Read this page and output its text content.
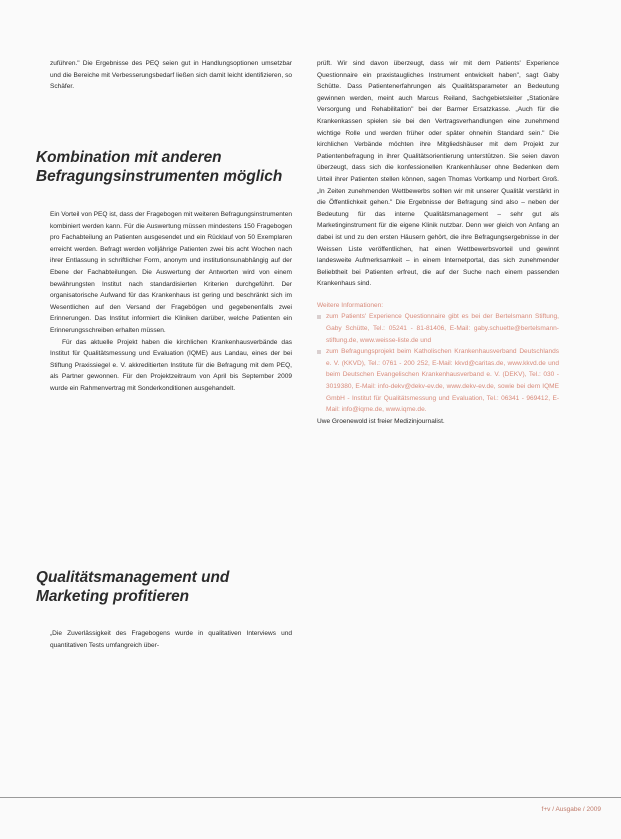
zuführen." Die Ergebnisse des PEQ seien gut in Handlungsoptionen umsetzbar und die Bereiche mit Verbesserungsbedarf ließen sich damit leicht identifizieren, so Schäfer.

Kombination mit anderen Befragungsinstrumenten möglich

Ein Vorteil von PEQ ist, dass der Fragebogen mit weiteren Befragungsinstrumenten kombiniert werden kann. Für die Auswertung müssen mindestens 150 Fragebogen pro Fachabteilung an Patienten ausgesendet und ein Rücklauf von 50 Exemplaren erreicht werden. Befragt werden volljährige Patienten zwei bis acht Wochen nach ihrer Entlassung in schriftlicher Form, anonym und institutionsunabhängig auf der Ebene der Fachabteilungen. Die Auswertung der Antworten wird von einem bewährungsten Institut nach standardisierten Kriterien durchgeführt. Der organisatorische Aufwand für das Krankenhaus ist gering und beschränkt sich im Wesentlichen auf den Versand der Fragebögen und gegebenenfalls zwei Erinnerungen. Das Institut informiert die Kliniken darüber, welche Patienten ein Erinnerungsschreiben erhalten müssen.

Für das aktuelle Projekt haben die kirchlichen Krankenhausverbände das Institut für Qualitätsmessung und Evaluation (IQME) aus Landau, eines der bei Stiftung Praxissiegel e. V. akkreditierten Institute für die Befragung mit dem PEQ, als Partner gewonnen. Für den Projektzeitraum von April bis September 2009 wurde ein Rahmenvertrag mit Sonderkonditionen ausgehandelt.

Qualitätsmanagement und Marketing profitieren

„Die Zuverlässigkeit des Fragebogens wurde in qualitativen Interviews und quantitativen Tests umfangreich über-

prüft. Wir sind davon überzeugt, dass wir mit dem Patients' Experience Questionnaire ein praxistaugliches Instrument entwickelt haben", sagt Gaby Schütte. Dass Patientenerfahrungen als Qualitätsparameter an Bedeutung gewinnen werden, meint auch Marcus Reiland, Sachgebietsleiter „Stationäre Versorgung und Rehabilitation" bei der Barmer Ersatzkasse. „Auch für die Krankenkassen spielen sie bei den Vertragsverhandlungen eine zunehmend wichtige Rolle und werden früher oder später ohnehin Standard sein." Die kirchlichen Verbände möchten ihre Mitgliedshäuser mit dem Projekt zur Patientenbefragung in ihrer Qualitätsorientierung unterstützen. Sie seien davon überzeugt, dass sich die konfessionellen Krankenhäuser ohne Bedenken dem Urteil ihrer Patienten stellen können, sagen Thomas Vortkamp und Norbert Groß. „In Zeiten zunehmenden Wettbewerbs sollten wir mit unserer Qualität verstärkt in die Öffentlichkeit gehen." Die Ergebnisse der Befragung sind also – neben der Bedeutung für das interne Qualitätsmanagement – sehr gut als Marketinginstrument für die eigene Klinik nutzbar. Denn wer gleich von Anfang an dabei ist und zu den ersten Häusern gehört, die ihre Befragungsergebnisse in der Weissen Liste veröffentlichen, hat einen Wettbewerbsvorteil und gewinnt landesweite Aufmerksamkeit – in einem Internetportal, das sich zunehmender Beliebtheit bei Patienten erfreut, die auf der Suche nach einem passenden Krankenhaus sind.

Weitere Informationen:

zum Patients' Experience Questionnaire gibt es bei der Bertelsmann Stiftung, Gaby Schütte, Tel.: 05241 - 81-81406, E-Mail: gaby.schuette@bertelsmann-stiftung.de, www.weisse-liste.de und
zum Befragungsprojekt beim Katholischen Krankenhausverband Deutschlands e. V. (KKVD), Tel.: 0761 - 200 252, E-Mail: kkvd@caritas.de, www.kkvd.de und beim Deutschen Evangelischen Krankenhausverband e. V. (DEKV), Tel.: 030 - 3019380, E-Mail: info-dekv@dekv-ev.de, www.dekv-ev.de, sowie bei dem IQME GmbH - Institut für Qualitätsmessung und Evaluation, Tel.: 06341 - 969412, E-Mail: info@iqme.de, www.iqme.de.

Uwe Groenewold ist freier Medizinjournalist.

f+v / Ausgabe / 2009
